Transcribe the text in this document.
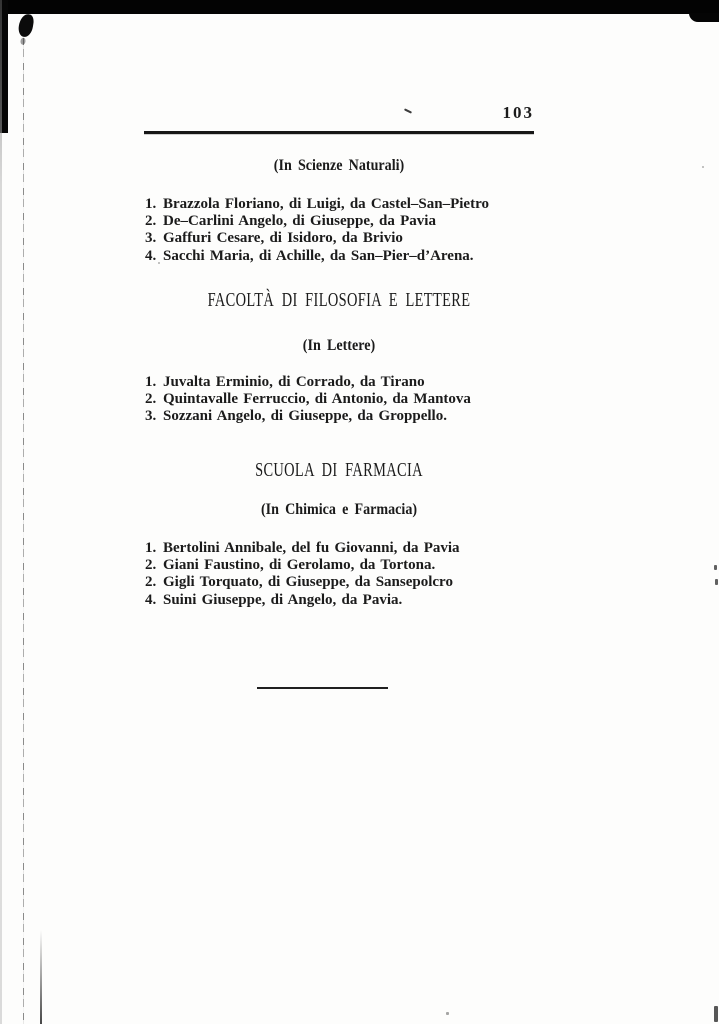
103
(In Scienze Naturali)
1. Brazzola Floriano, di Luigi, da Castel–San–Pietro
2. De–Carlini Angelo, di Giuseppe, da Pavia
3. Gaffuri Cesare, di Isidoro, da Brivio
4. Sacchi Maria, di Achille, da San–Pier–d’Arena.
FACOLTÀ DI FILOSOFIA E LETTERE
(In Lettere)
1. Juvalta Erminio, di Corrado, da Tirano
2. Quintavalle Ferruccio, di Antonio, da Mantova
3. Sozzani Angelo, di Giuseppe, da Groppello.
SCUOLA DI FARMACIA
(In Chimica e Farmacia)
1. Bertolini Annibale, del fu Giovanni, da Pavia
2. Giani Faustino, di Gerolamo, da Tortona.
2. Gigli Torquato, di Giuseppe, da Sansepolcro
4. Suini Giuseppe, di Angelo, da Pavia.
